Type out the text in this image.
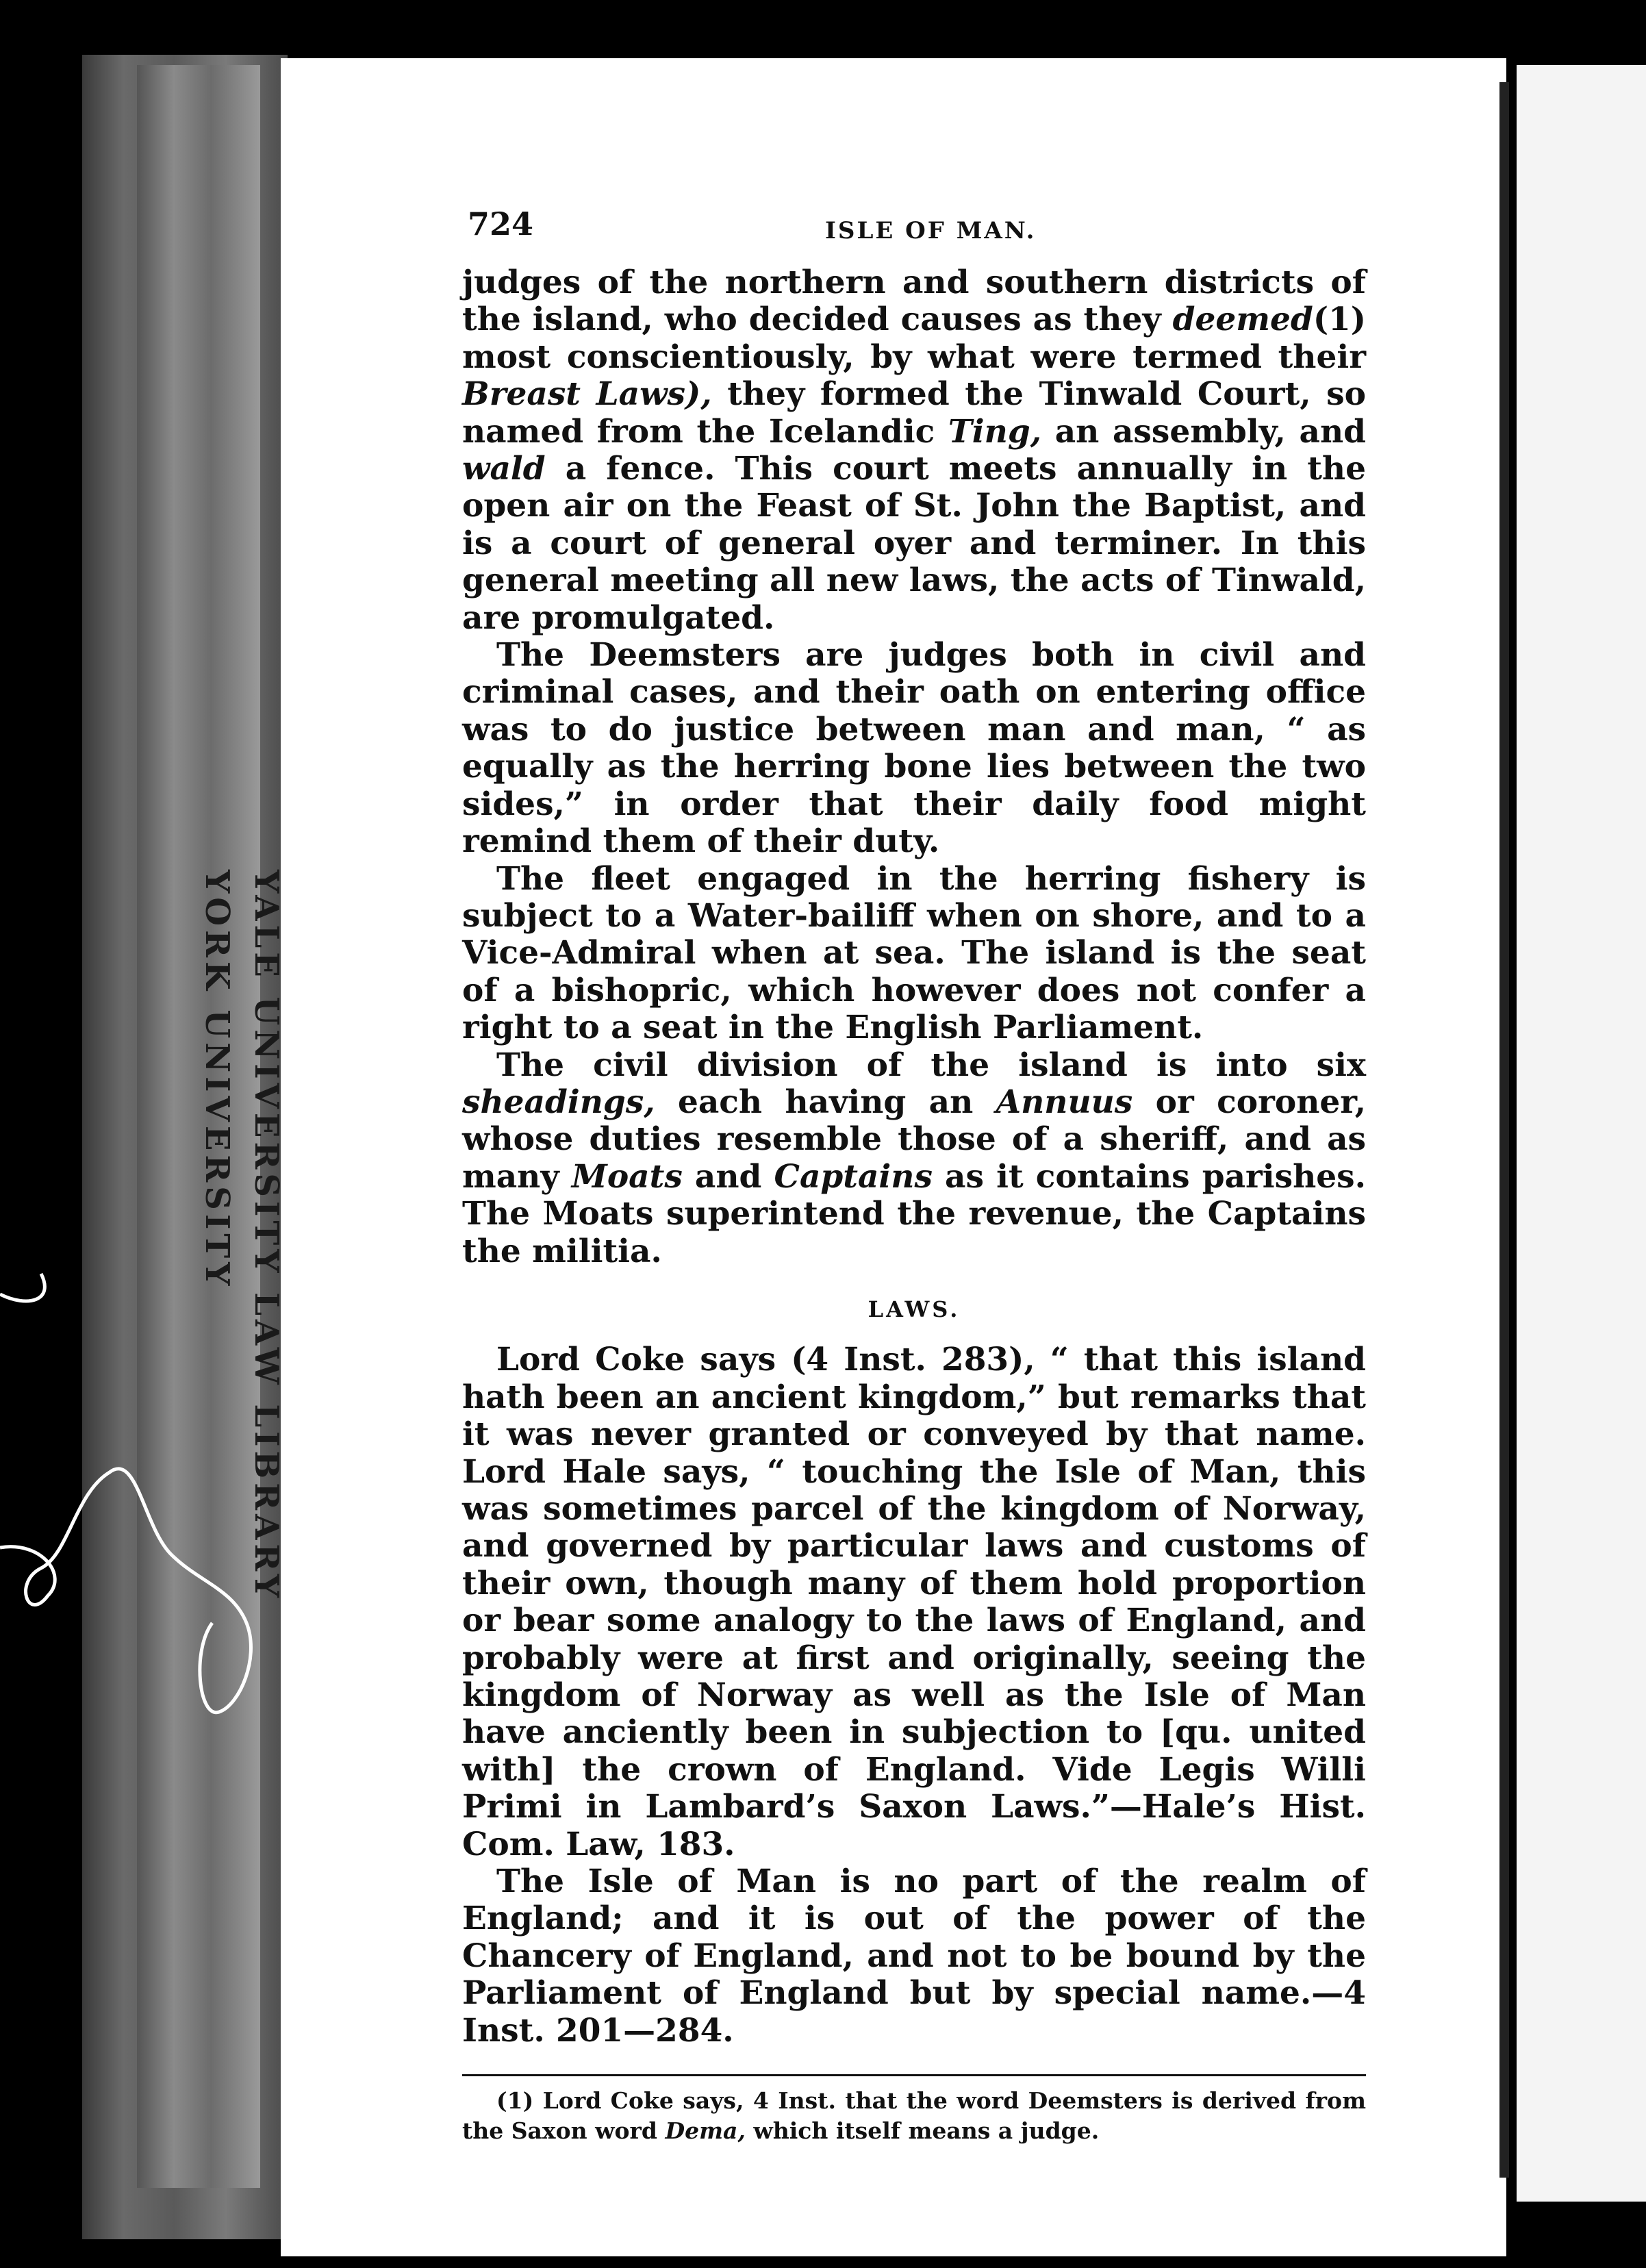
724	ISLE OF MAN.

judges of the northern and southern districts of the island, who decided causes as they deemed(1) most conscientiously, by what were termed their Breast Laws), they formed the Tinwald Court, so named from the Icelandic Ting, an assembly, and wald a fence. This court meets annually in the open air on the Feast of St. John the Baptist, and is a court of general oyer and terminer. In this general meeting all new laws, the acts of Tinwald, are promulgated.

The Deemsters are judges both in civil and criminal cases, and their oath on entering office was to do justice between man and man, “ as equally as the herring bone lies between the two sides,” in order that their daily food might remind them of their duty.

The fleet engaged in the herring fishery is subject to a Water-bailiff when on shore, and to a Vice-Admiral when at sea. The island is the seat of a bishopric, which however does not confer a right to a seat in the English Parliament.

The civil division of the island is into six sheadings, each having an Annuus or coroner, whose duties resemble those of a sheriff, and as many Moats and Captains as it contains parishes. The Moats superintend the revenue, the Captains the militia.

LAWS.

Lord Coke says (4 Inst. 283), “ that this island hath been an ancient kingdom,” but remarks that it was never granted or conveyed by that name. Lord Hale says, “ touching the Isle of Man, this was sometimes parcel of the kingdom of Norway, and governed by particular laws and customs of their own, though many of them hold proportion or bear some analogy to the laws of England, and probably were at first and originally, seeing the kingdom of Norway as well as the Isle of Man have anciently been in subjection to [qu. united with] the crown of England. Vide Legis Willi Primi in Lambard’s Saxon Laws.”—Hale’s Hist. Com. Law, 183.

The Isle of Man is no part of the realm of England; and it is out of the power of the Chancery of England, and not to be bound by the Parliament of England but by special name.—4 Inst. 201—284.

(1) Lord Coke says, 4 Inst. that the word Deemsters is derived from the Saxon word Dema, which itself means a judge.
